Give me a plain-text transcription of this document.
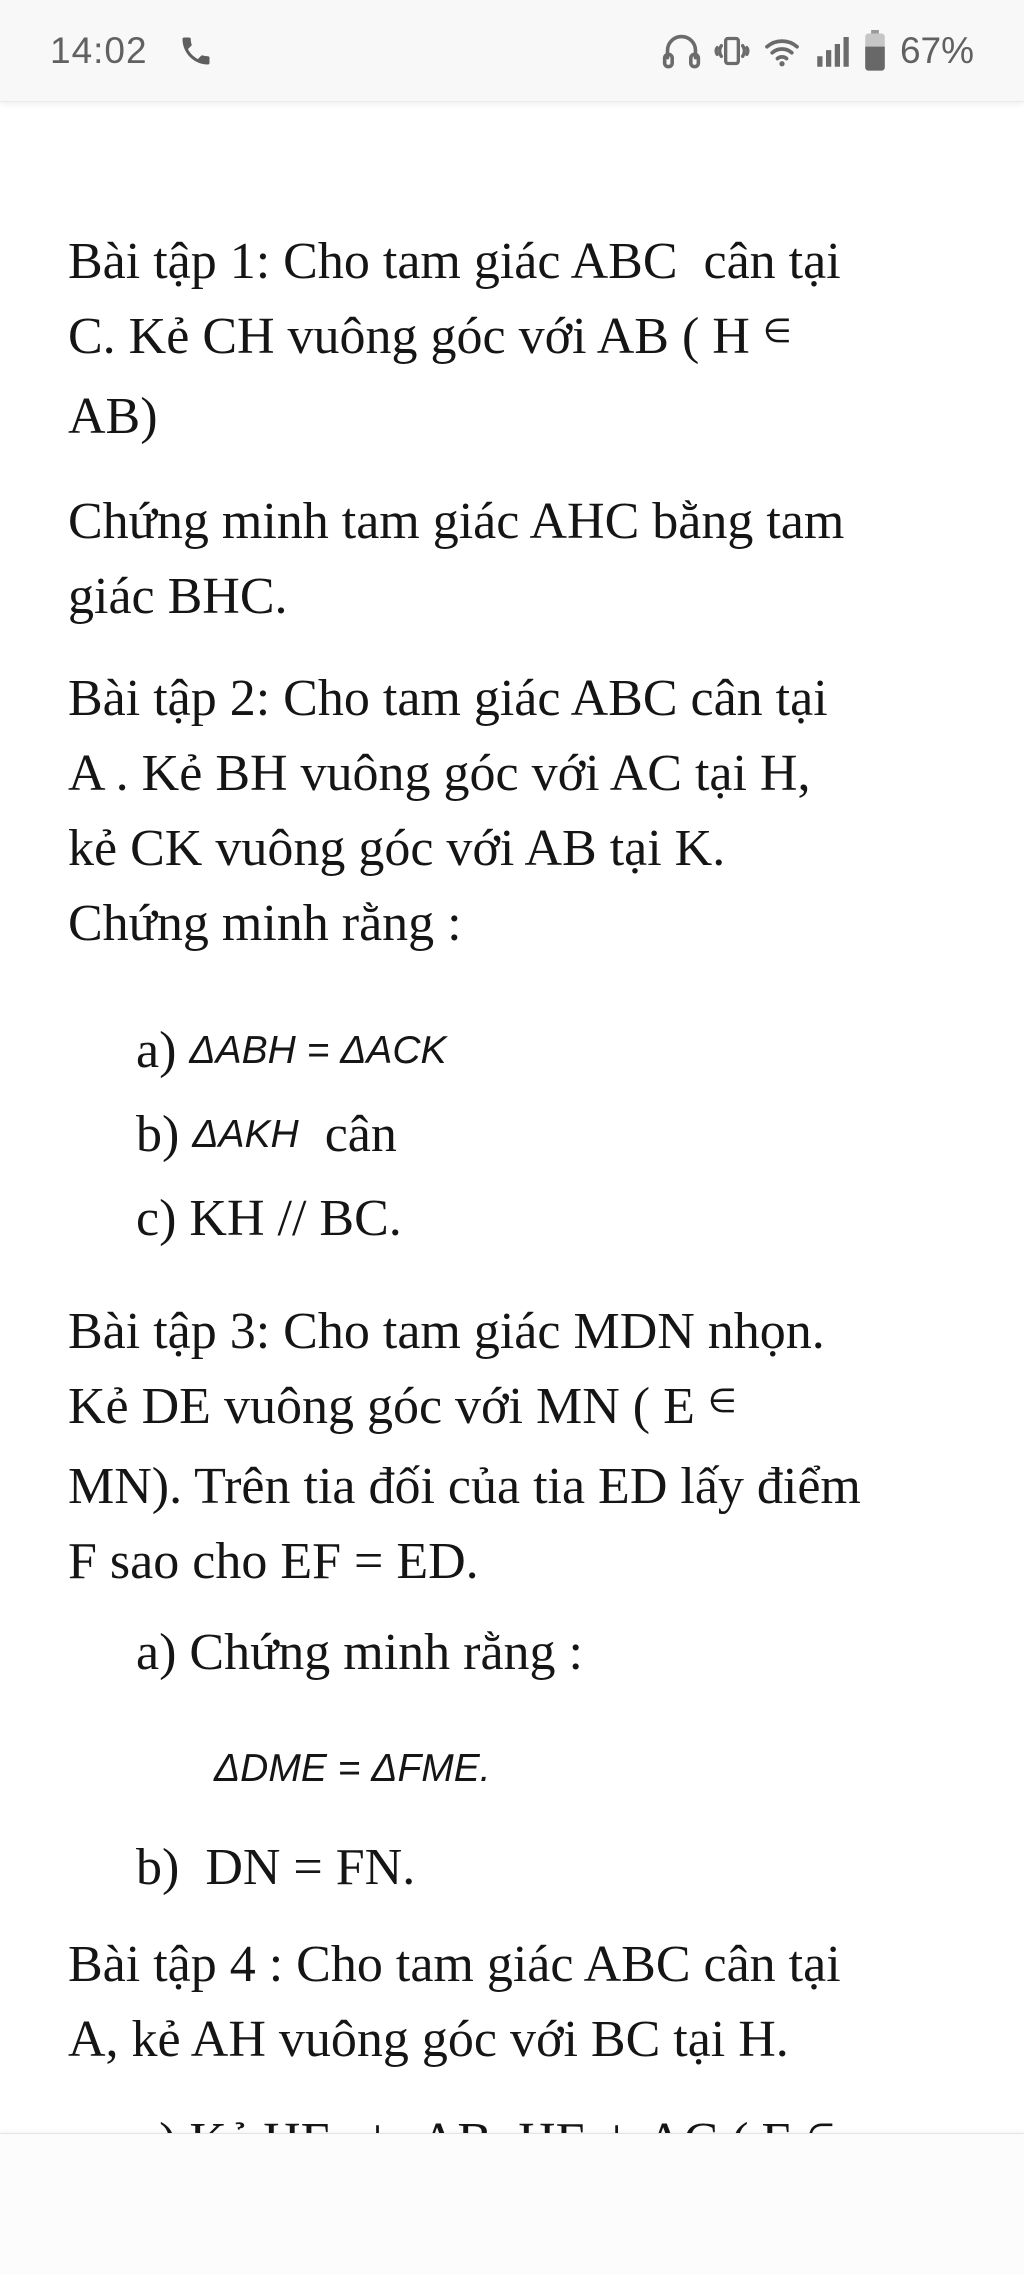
14:02	67%
Bài tập 1: Cho tam giác ABC  cân tại
C. Kẻ CH vuông góc với AB ( H ∈
AB)
Chứng minh tam giác AHC bằng tam
giác BHC.
Bài tập 2: Cho tam giác ABC cân tại
A . Kẻ BH vuông góc với AC tại H,
kẻ CK vuông góc với AB tại K.
Chứng minh rằng :
a) ΔABH = ΔACK
b) ΔAKH  cân
c) KH // BC.
Bài tập 3: Cho tam giác MDN nhọn.
Kẻ DE vuông góc với MN ( E ∈
MN). Trên tia đối của tia ED lấy điểm
F sao cho EF = ED.
a) Chứng minh rằng :
ΔDME = ΔFME.
b)  DN = FN.
Bài tập 4 : Cho tam giác ABC cân tại
A, kẻ AH vuông góc với BC tại H.
